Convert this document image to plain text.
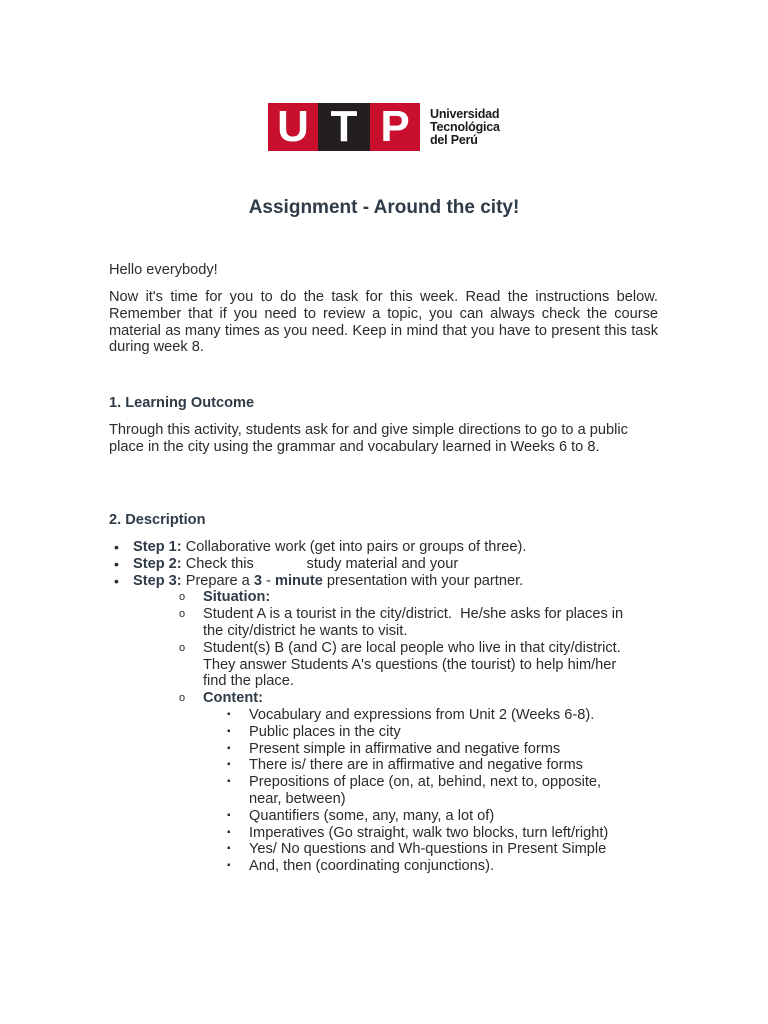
U T P	Universidad
Tecnológica
del Perú
Assignment - Around the city!
Hello everybody!
Now it's time for you to do the task for this week. Read the instructions below. Remember that if you need to review a topic, you can always check the course material as many times as you need. Keep in mind that you have to present this task during week 8.
1. Learning Outcome
Through this activity, students ask for and give simple directions to go to a public place in the city using the grammar and vocabulary learned in Weeks 6 to 8.
2. Description
• Step 1: Collaborative work (get into pairs or groups of three).
• Step 2: Check this             study material and your
• Step 3: Prepare a 3 - minute presentation with your partner.
o Situation:
o Student A is a tourist in the city/district.  He/she asks for places in
the city/district he wants to visit.
o Student(s) B (and C) are local people who live in that city/district.
They answer Students A's questions (the tourist) to help him/her
find the place.
o Content:
▪ Vocabulary and expressions from Unit 2 (Weeks 6-8).
▪ Public places in the city
▪ Present simple in affirmative and negative forms
▪ There is/ there are in affirmative and negative forms
▪ Prepositions of place (on, at, behind, next to, opposite,
near, between)
▪ Quantifiers (some, any, many, a lot of)
▪ Imperatives (Go straight, walk two blocks, turn left/right)
▪ Yes/ No questions and Wh-questions in Present Simple
▪ And, then (coordinating conjunctions).
